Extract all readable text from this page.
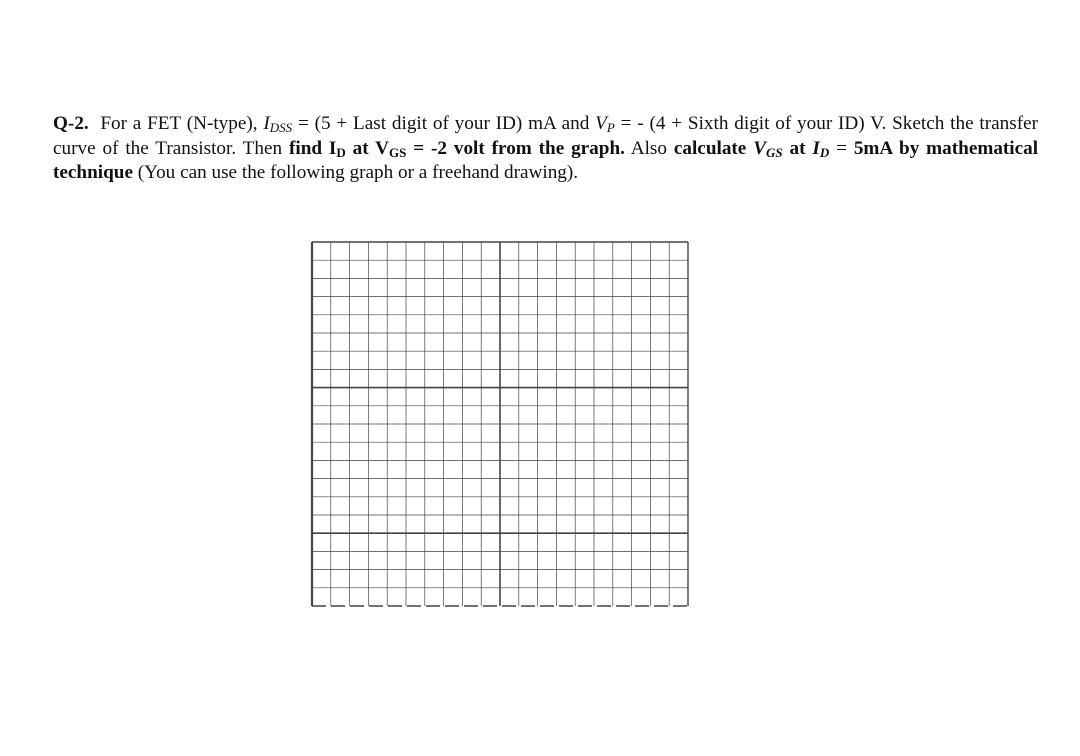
Q-2. For a FET (N-type), $I_{DSS} = (5$ + Last digit of your ID) mA and $V_P$ = - (4 + Sixth digit of your ID) V. Sketch the transfer curve of the Transistor. Then find $I_D$ at $V_{GS} = -2$ volt from the graph. Also calculate $V_{GS}$ at $I_D = 5mA$ by mathematical technique (You can use the following graph or a freehand drawing).
